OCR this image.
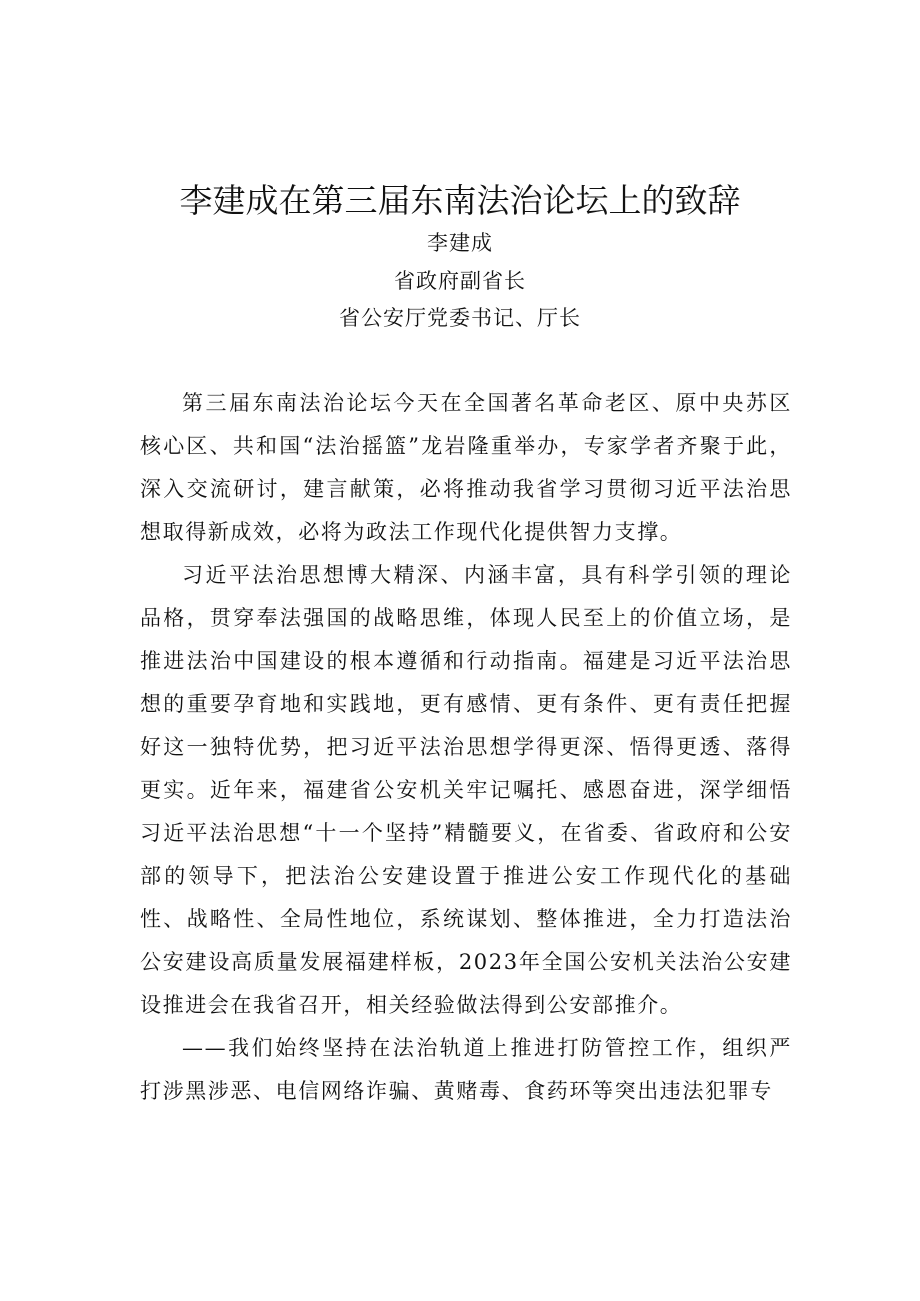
李建成在第三届东南法治论坛上的致辞
李建成
省政府副省长
省公安厅党委书记、厅长

第三届东南法治论坛今天在全国著名革命老区、原中央苏区核心区、共和国“法治摇篮”龙岩隆重举办，专家学者齐聚于此，深入交流研讨，建言献策，必将推动我省学习贯彻习近平法治思想取得新成效，必将为政法工作现代化提供智力支撑。

习近平法治思想博大精深、内涵丰富，具有科学引领的理论品格，贯穿奉法强国的战略思维，体现人民至上的价值立场，是推进法治中国建设的根本遵循和行动指南。福建是习近平法治思想的重要孕育地和实践地，更有感情、更有条件、更有责任把握好这一独特优势，把习近平法治思想学得更深、悟得更透、落得更实。近年来，福建省公安机关牢记嘱托、感恩奋进，深学细悟习近平法治思想“十一个坚持”精髓要义，在省委、省政府和公安部的领导下，把法治公安建设置于推进公安工作现代化的基础性、战略性、全局性地位，系统谋划、整体推进，全力打造法治公安建设高质量发展福建样板，2023年全国公安机关法治公安建设推进会在我省召开，相关经验做法得到公安部推介。

——我们始终坚持在法治轨道上推进打防管控工作，组织严打涉黑涉恶、电信网络诈骗、黄赌毒、食药环等突出违法犯罪专
